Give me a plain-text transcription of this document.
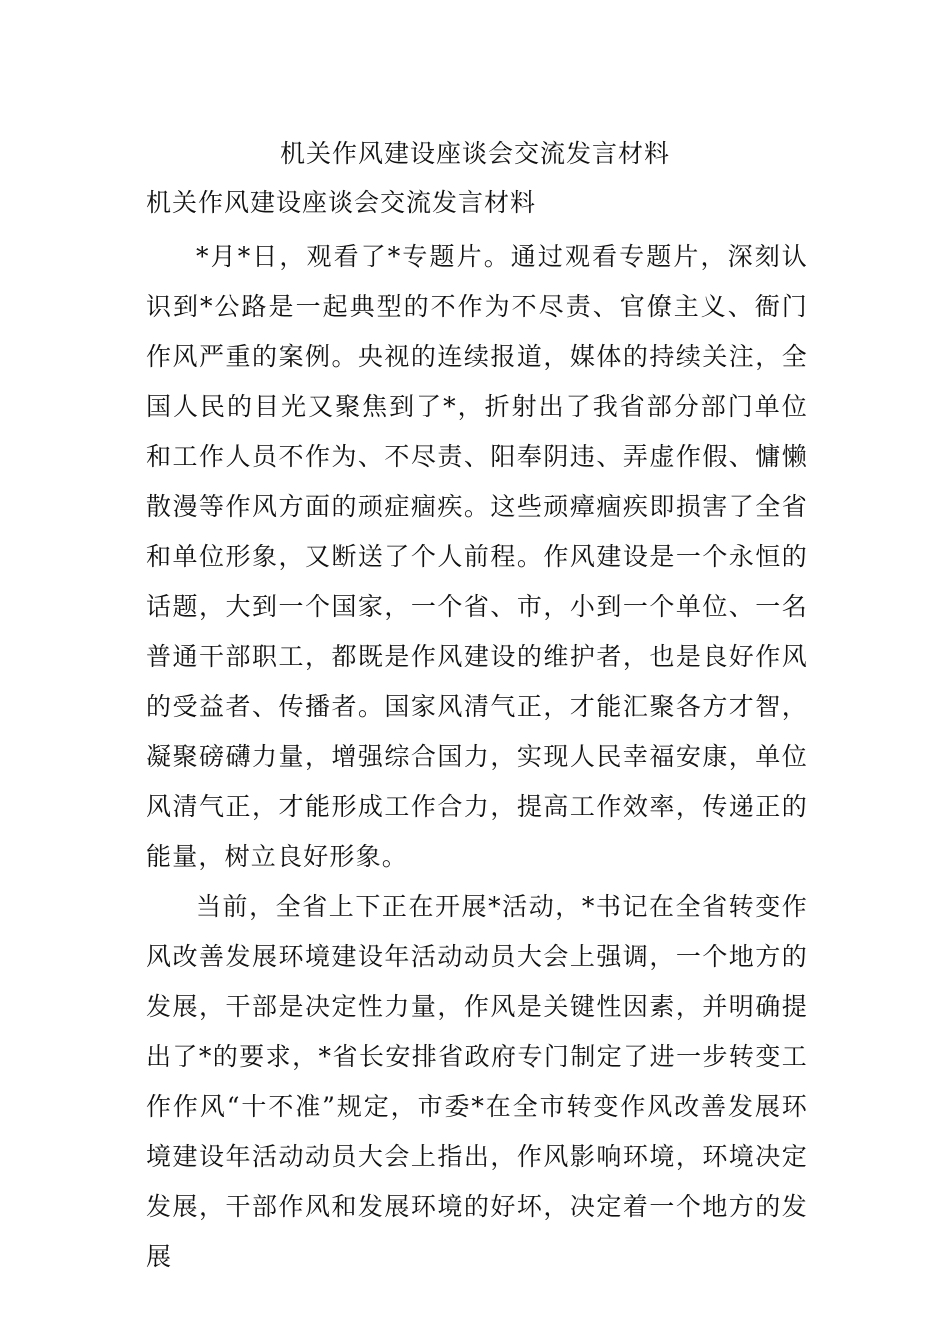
机关作风建设座谈会交流发言材料
机关作风建设座谈会交流发言材料

*月*日，观看了*专题片。通过观看专题片，深刻认识到*公路是一起典型的不作为不尽责、官僚主义、衙门作风严重的案例。央视的连续报道，媒体的持续关注，全国人民的目光又聚焦到了*，折射出了我省部分部门单位和工作人员不作为、不尽责、阳奉阴违、弄虚作假、慵懒散漫等作风方面的顽症痼疾。这些顽瘴痼疾即损害了全省和单位形象，又断送了个人前程。作风建设是一个永恒的话题，大到一个国家，一个省、市，小到一个单位、一名普通干部职工，都既是作风建设的维护者，也是良好作风的受益者、传播者。国家风清气正，才能汇聚各方才智，凝聚磅礴力量，增强综合国力，实现人民幸福安康，单位风清气正，才能形成工作合力，提高工作效率，传递正的能量，树立良好形象。

当前，全省上下正在开展*活动，*书记在全省转变作风改善发展环境建设年活动动员大会上强调，一个地方的发展，干部是决定性力量，作风是关键性因素，并明确提出了*的要求，*省长安排省政府专门制定了进一步转变工作作风“十不准”规定，市委*在全市转变作风改善发展环境建设年活动动员大会上指出，作风影响环境，环境决定发展，干部作风和发展环境的好坏，决定着一个地方的发展
